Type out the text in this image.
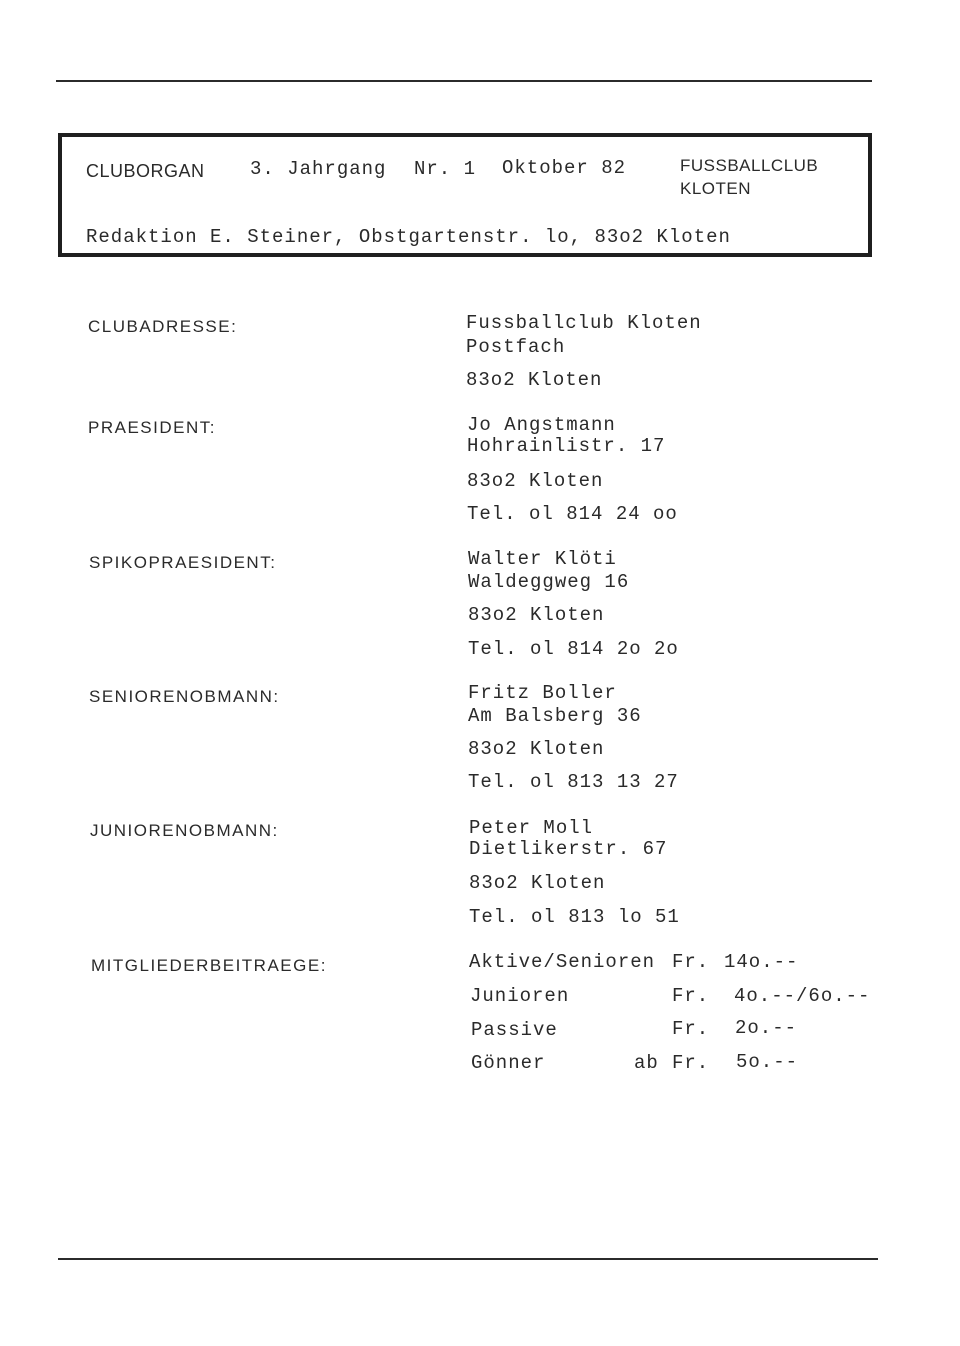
CLUBORGAN 3. Jahrgang Nr. 1 Oktober 82	FUSSBALLCLUB
KLOTEN
Redaktion E. Steiner, Obstgartenstr. lo, 83o2 Kloten
CLUBADRESSE:	Fussballclub Kloten
Postfach
83o2 Kloten
PRAESIDENT:	Jo Angstmann
Hohrainlistr. 17
83o2 Kloten
Tel. ol 814 24 oo
SPIKOPRAESIDENT:	Walter Klöti
Waldeggweg 16
83o2 Kloten
Tel. ol 814 2o 2o
SENIORENOBMANN:	Fritz Boller
Am Balsberg 36
83o2 Kloten
Tel. ol 813 13 27
JUNIORENOBMANN:	Peter Moll
Dietlikerstr. 67
83o2 Kloten
Tel. ol 813 lo 51
MITGLIEDERBEITRAEGE:	Aktive/Senioren Fr. 14o.--
Junioren	Fr. 4o.--/6o.--
Passive	Fr. 2o.--
Gönner	ab Fr. 5o.--
